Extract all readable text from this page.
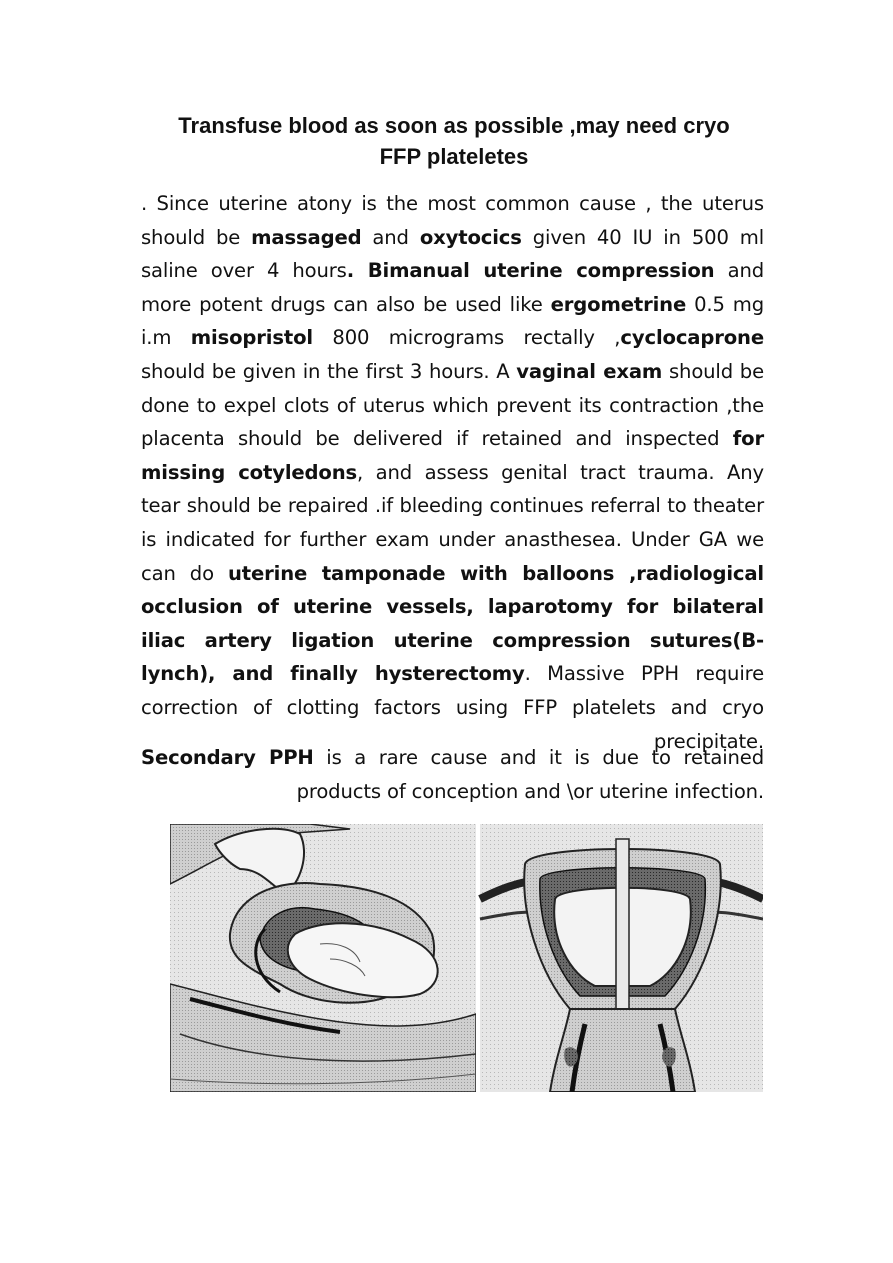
Transfuse blood as soon as possible ,may need cryo
FFP plateletes

. Since uterine atony is the most common cause , the uterus should be massaged and oxytocics given 40 IU in 500 ml saline over 4 hours. Bimanual uterine compression and more potent drugs can also be used like ergometrine 0.5 mg i.m misopristol 800 micrograms rectally ,cyclocaprone should be given in the first 3 hours. A vaginal exam should be done to expel clots of uterus which prevent its contraction ,the placenta should be delivered if retained and inspected for missing cotyledons, and assess genital tract trauma. Any tear should be repaired .if bleeding continues referral to theater is indicated for further exam under anasthesea. Under GA we can do uterine tamponade with balloons ,radiological occlusion of uterine vessels, laparotomy for bilateral iliac artery ligation uterine compression sutures(B-lynch), and finally hysterectomy. Massive PPH require correction of clotting factors using FFP platelets and cryo precipitate.

Secondary PPH is a rare cause and it is due to retained products of conception and \or uterine infection.
